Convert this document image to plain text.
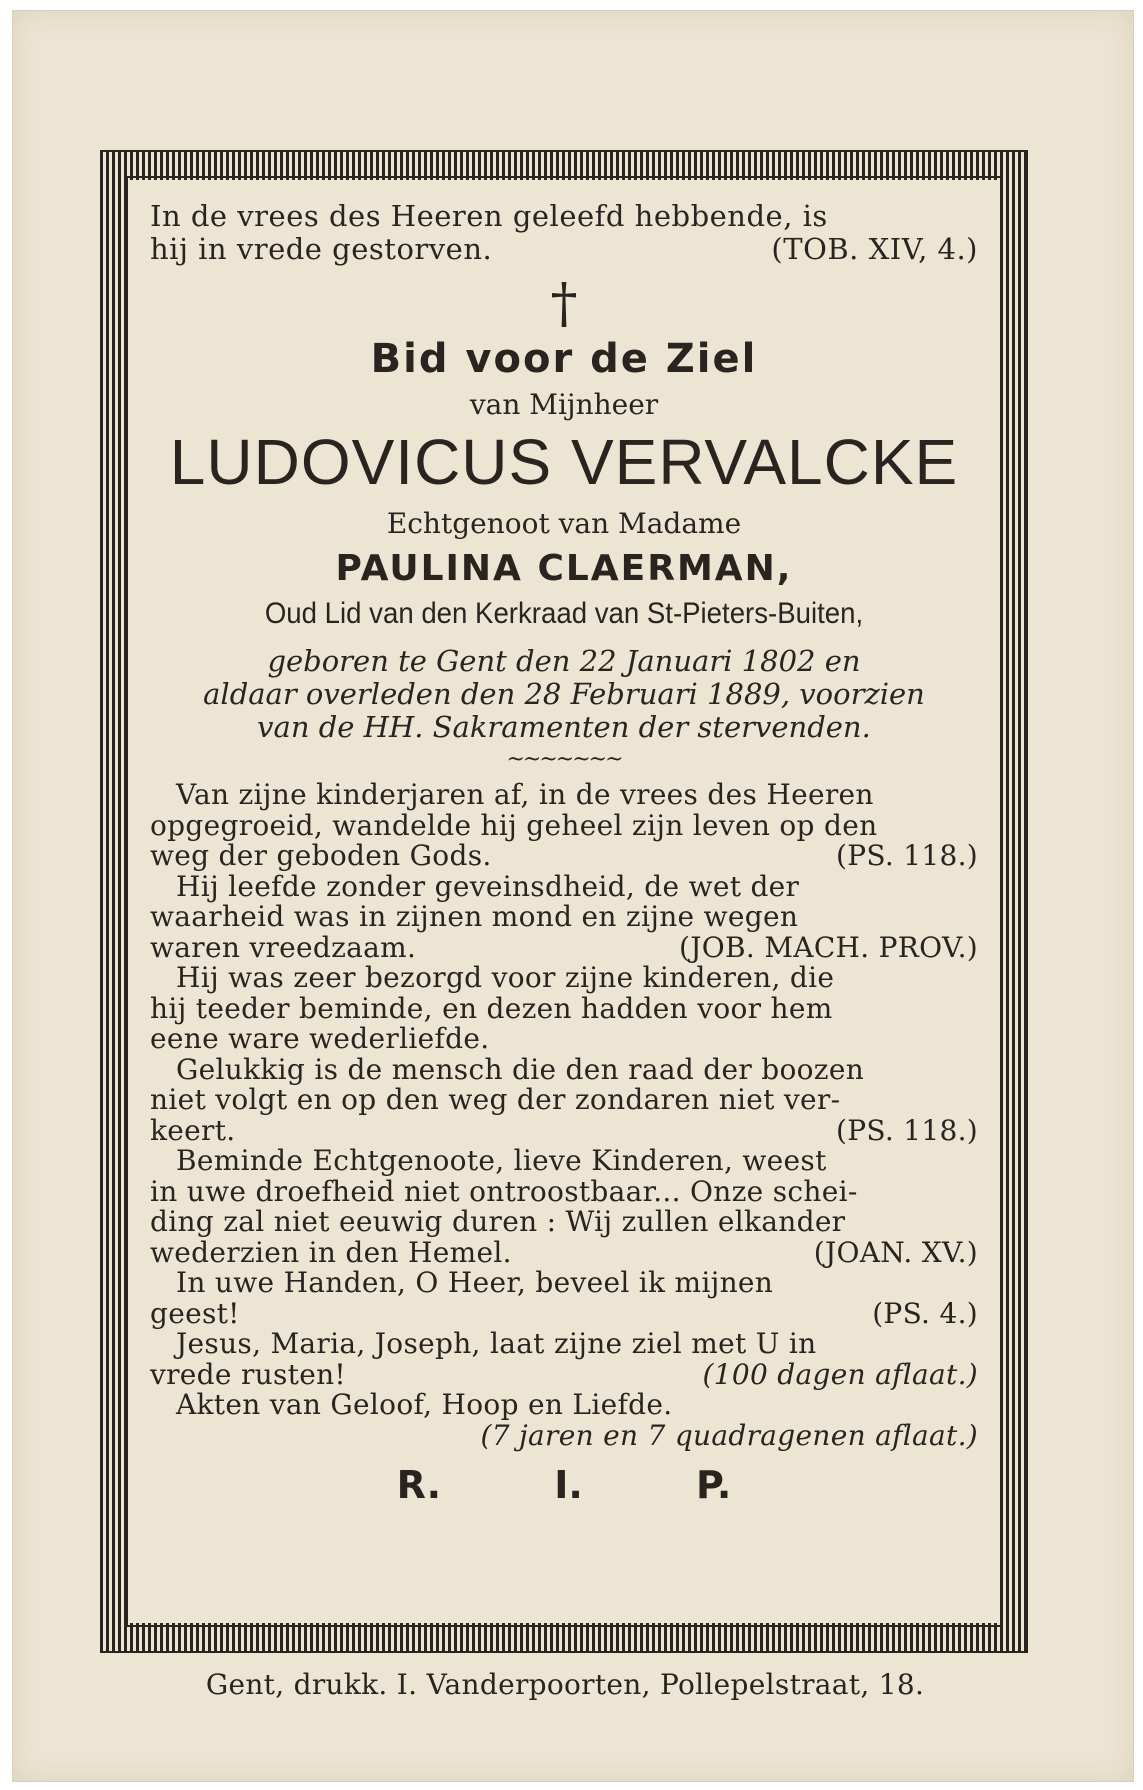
In de vrees des Heeren geleefd hebbende, is

hij in vrede gestorven.	(TOB. XIV, 4.)

†
Bid voor de Ziel
van Mijnheer
LUDOVICUS VERVALCKE
Echtgenoot van Madame
PAULINA CLAERMAN,
Oud Lid van den Kerkraad van St-Pieters-Buiten,

geboren te Gent den 22 Januari 1802 en

aldaar overleden den 28 Februari 1889, voorzien

van de HH. Sakramenten der stervenden.

~~~~~~~

Van zijne kinderjaren af, in de vrees des Heeren

opgegroeid, wandelde hij geheel zijn leven op den

weg der geboden Gods.	(PS. 118.)

Hij leefde zonder geveinsdheid, de wet der

waarheid was in zijnen mond en zijne wegen

waren vreedzaam.	(JOB. MACH. PROV.)

Hij was zeer bezorgd voor zijne kinderen, die

hij teeder beminde, en dezen hadden voor hem

eene ware wederliefde.

Gelukkig is de mensch die den raad der boozen

niet volgt en op den weg der zondaren niet ver-

keert.	(PS. 118.)

Beminde Echtgenoote, lieve Kinderen, weest

in uwe droefheid niet ontroostbaar... Onze schei-

ding zal niet eeuwig duren : Wij zullen elkander

wederzien in den Hemel.	(JOAN. XV.)

In uwe Handen, O Heer, beveel ik mijnen

geest!	(PS. 4.)

Jesus, Maria, Joseph, laat zijne ziel met U in

vrede rusten!	(100 dagen aflaat.)

Akten van Geloof, Hoop en Liefde.

(7 jaren en 7 quadragenen aflaat.)

R. I. P.
Gent, drukk. I. Vanderpoorten, Pollepelstraat, 18.
